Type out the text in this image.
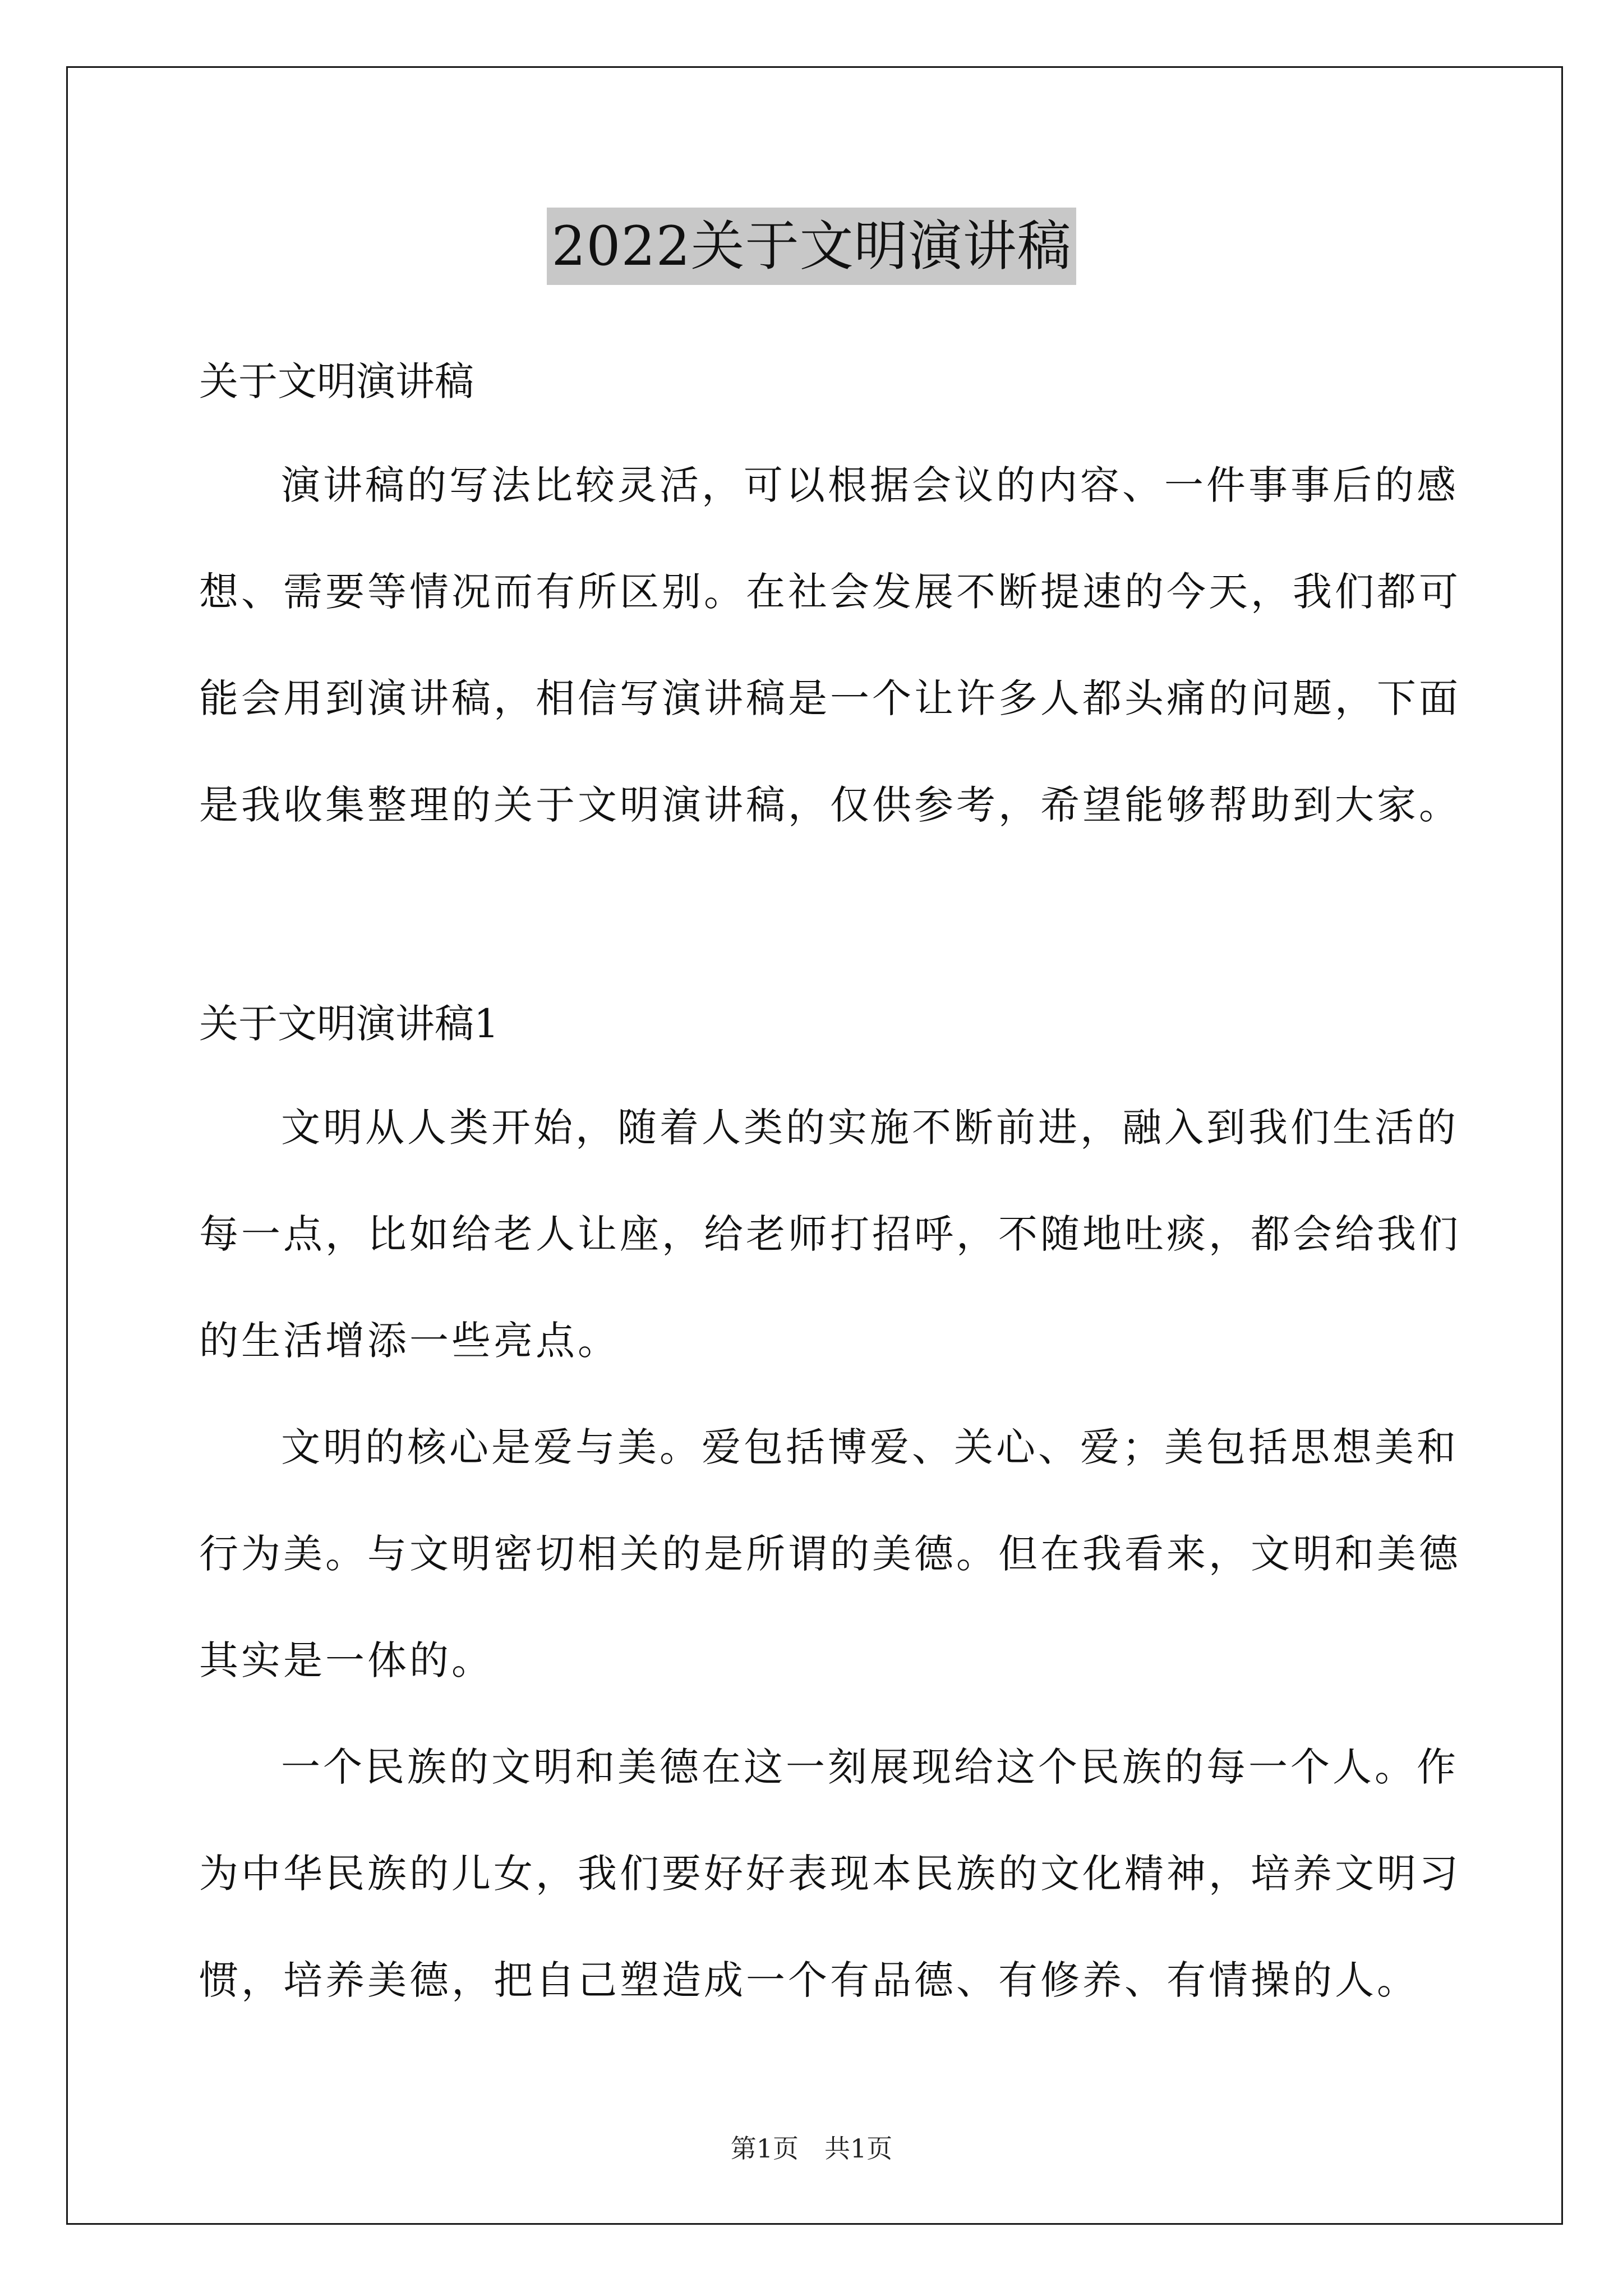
2022关于文明演讲稿
关于文明演讲稿
演讲稿的写法比较灵活，可以根据会议的内容、一件事事后的感
想、需要等情况而有所区别。在社会发展不断提速的今天，我们都可
能会用到演讲稿，相信写演讲稿是一个让许多人都头痛的问题，下面
是我收集整理的关于文明演讲稿，仅供参考，希望能够帮助到大家。
关于文明演讲稿1
文明从人类开始，随着人类的实施不断前进，融入到我们生活的
每一点，比如给老人让座，给老师打招呼，不随地吐痰，都会给我们
的生活增添一些亮点。
文明的核心是爱与美。爱包括博爱、关心、爱；美包括思想美和
行为美。与文明密切相关的是所谓的美德。但在我看来，文明和美德
其实是一体的。
一个民族的文明和美德在这一刻展现给这个民族的每一个人。作
为中华民族的儿女，我们要好好表现本民族的文化精神，培养文明习
惯，培养美德，把自己塑造成一个有品德、有修养、有情操的人。
第1页　共1页
